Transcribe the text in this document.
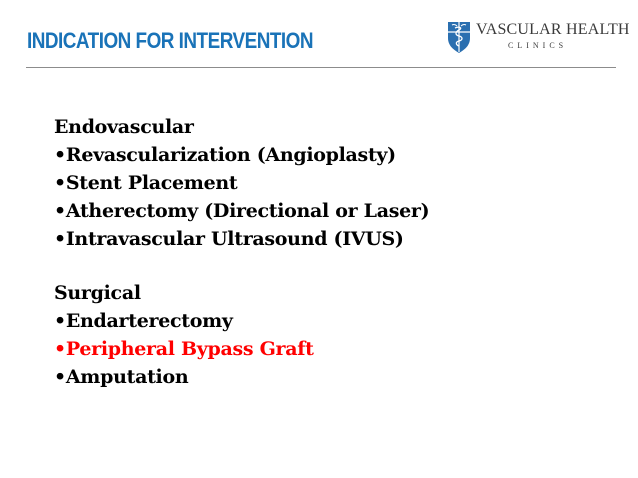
INDICATION FOR INTERVENTION	VASCULAR HEALTH
CLINICS
Endovascular
•Revascularization (Angioplasty)
•Stent Placement
•Atherectomy (Directional or Laser)
•Intravascular Ultrasound (IVUS)
Surgical
•Endarterectomy
•Peripheral Bypass Graft
•Amputation
